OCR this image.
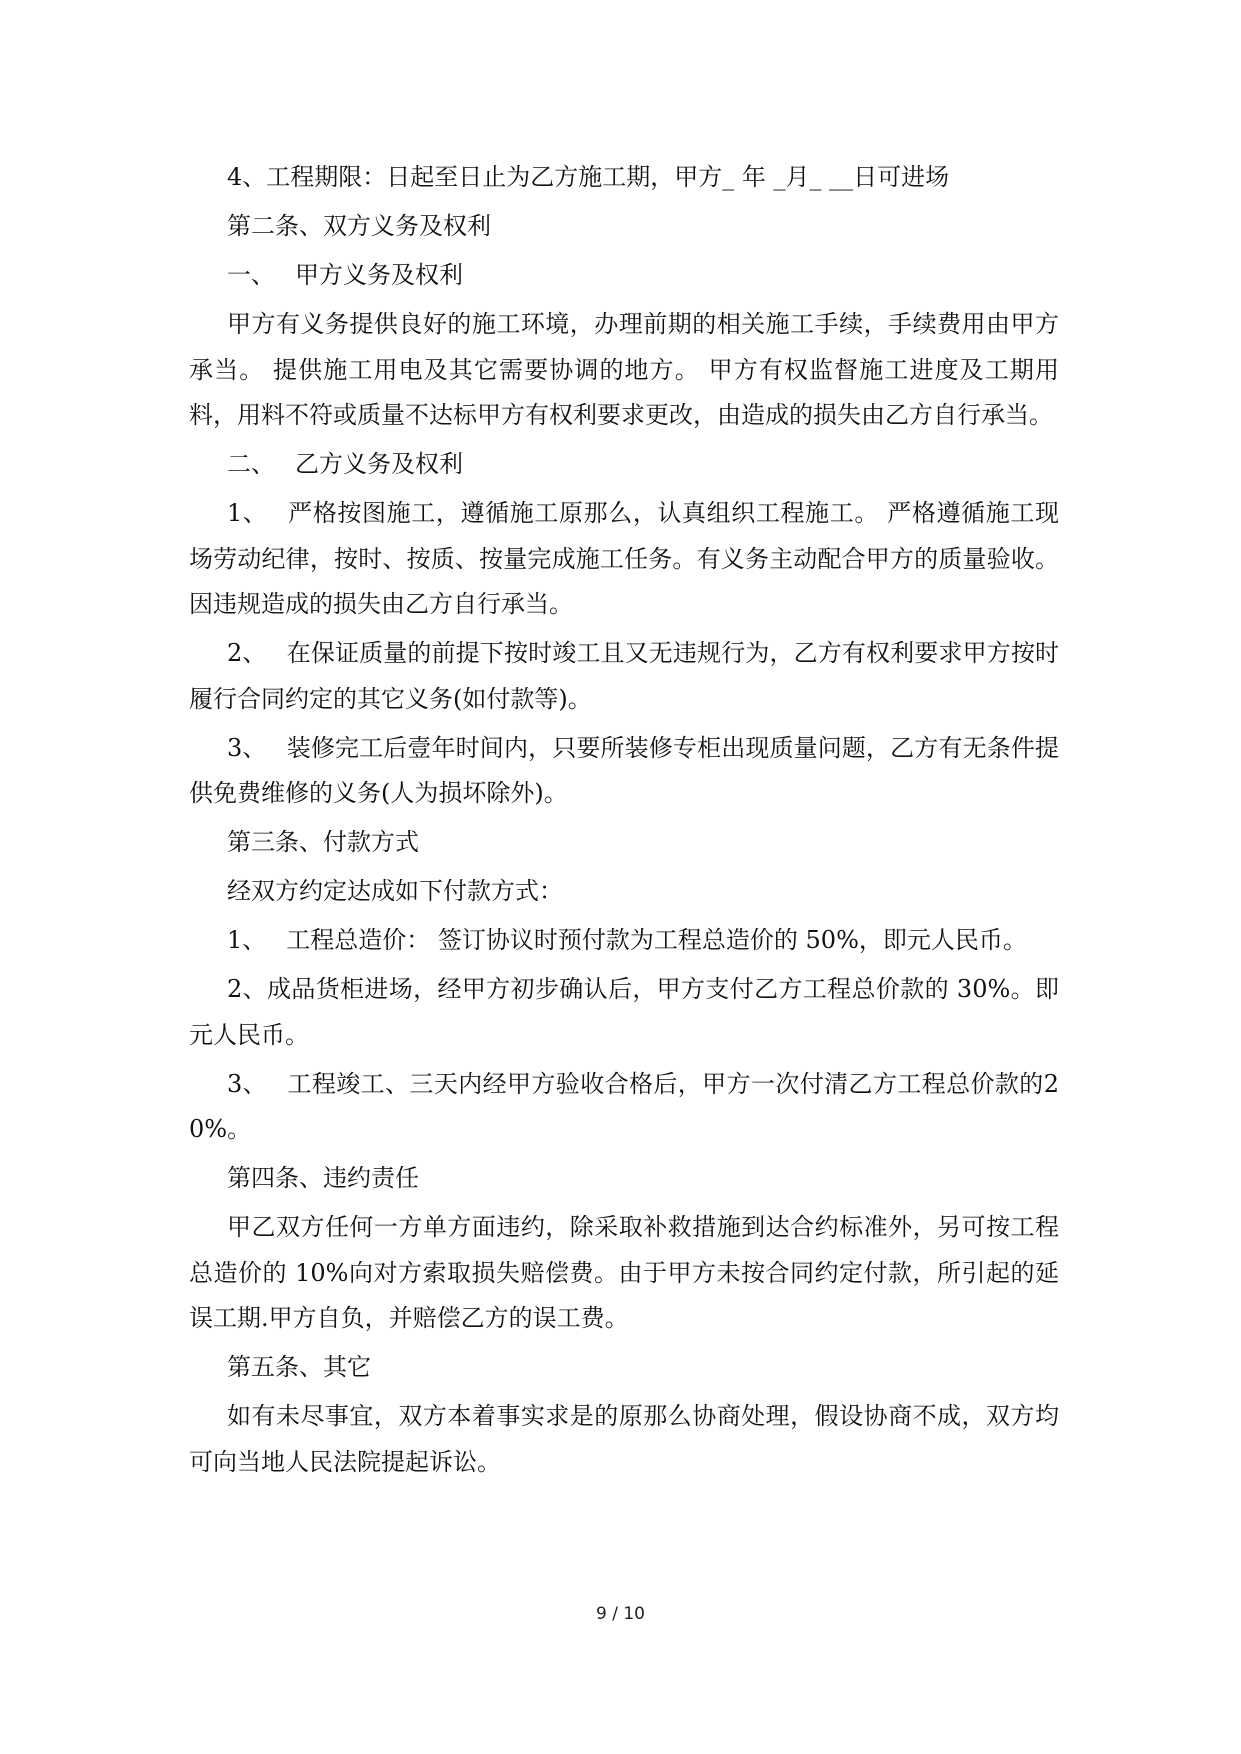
4、工程期限：日起至日止为乙方施工期，甲方_ 年 _月_ __日可进场

第二条、双方义务及权利

一、 甲方义务及权利

甲方有义务提供良好的施工环境，办理前期的相关施工手续，手续费用由甲方承当。 提供施工用电及其它需要协调的地方。 甲方有权监督施工进度及工期用料，用料不符或质量不达标甲方有权利要求更改，由造成的损失由乙方自行承当。

二、 乙方义务及权利

1、 严格按图施工，遵循施工原那么，认真组织工程施工。 严格遵循施工现场劳动纪律，按时、按质、按量完成施工任务。有义务主动配合甲方的质量验收。因违规造成的损失由乙方自行承当。

2、 在保证质量的前提下按时竣工且又无违规行为，乙方有权利要求甲方按时履行合同约定的其它义务(如付款等)。

3、 装修完工后壹年时间内，只要所装修专柜出现质量问题，乙方有无条件提供免费维修的义务(人为损坏除外)。

第三条、付款方式

经双方约定达成如下付款方式：

1、 工程总造价： 签订协议时预付款为工程总造价的 50%，即元人民币。

2、成品货柜进场，经甲方初步确认后，甲方支付乙方工程总价款的 30%。即元人民币。

3、 工程竣工、三天内经甲方验收合格后，甲方一次付清乙方工程总价款的20%。

第四条、违约责任

甲乙双方任何一方单方面违约，除采取补救措施到达合约标准外，另可按工程总造价的 10%向对方索取损失赔偿费。由于甲方未按合同约定付款，所引起的延误工期.甲方自负，并赔偿乙方的误工费。

第五条、其它

如有未尽事宜，双方本着事实求是的原那么协商处理，假设协商不成，双方均可向当地人民法院提起诉讼。

9 / 10
